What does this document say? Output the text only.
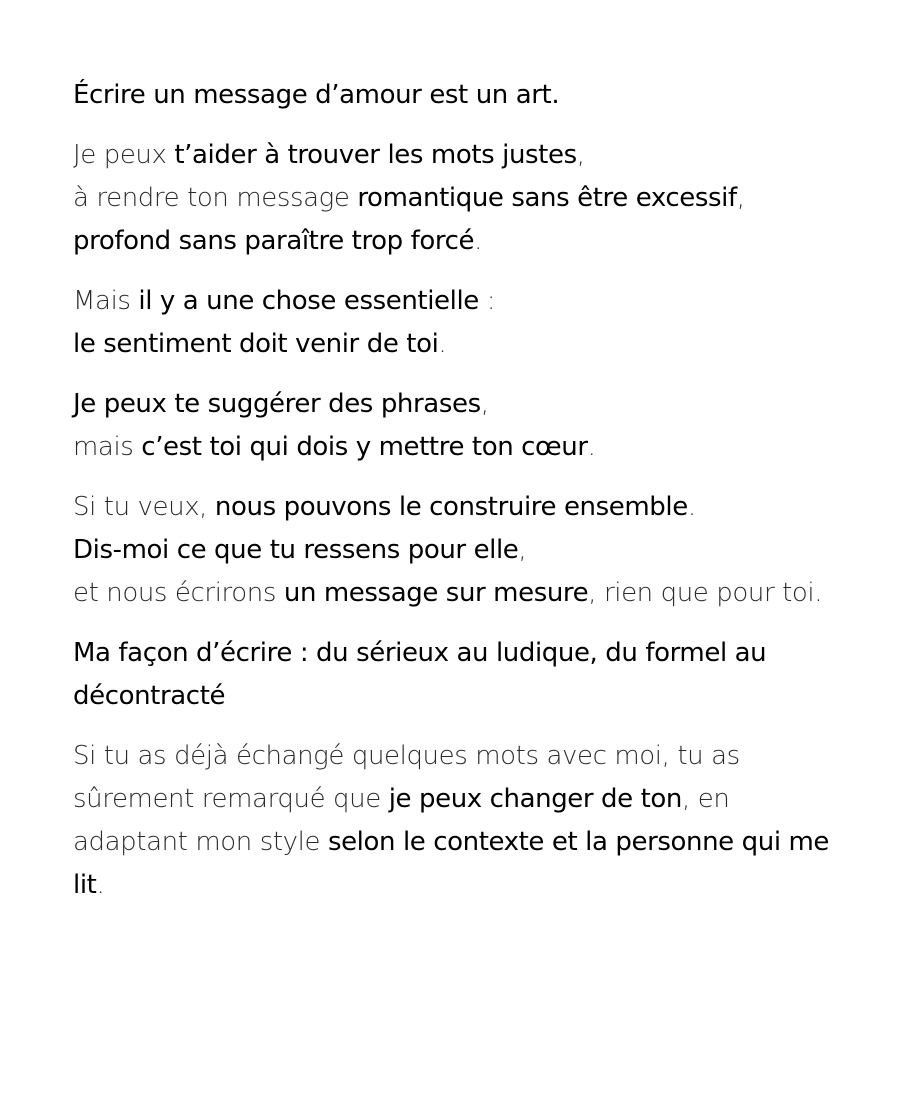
Écrire un message d’amour est un art.

Je peux t’aider à trouver les mots justes,
à rendre ton message romantique sans être excessif,
profond sans paraître trop forcé.

Mais il y a une chose essentielle :
le sentiment doit venir de toi.

Je peux te suggérer des phrases,
mais c’est toi qui dois y mettre ton cœur.

Si tu veux, nous pouvons le construire ensemble.
Dis-moi ce que tu ressens pour elle,
et nous écrirons un message sur mesure, rien que pour toi.

Ma façon d’écrire : du sérieux au ludique, du formel au décontracté

Si tu as déjà échangé quelques mots avec moi, tu as sûrement remarqué que je peux changer de ton, en adaptant mon style selon le contexte et la personne qui me lit.
